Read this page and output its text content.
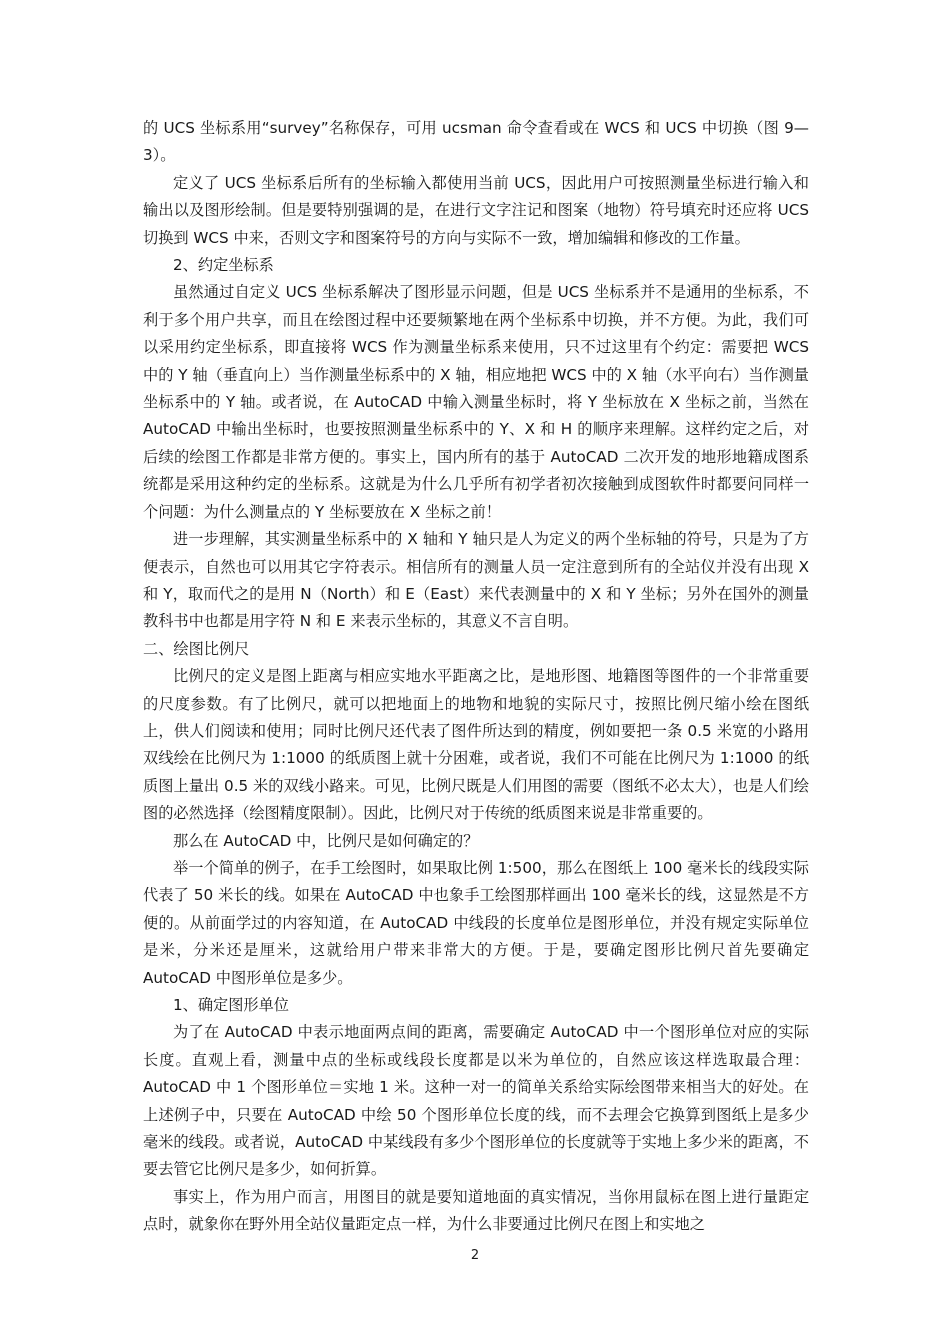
的 UCS 坐标系用“survey”名称保存，可用 ucsman 命令查看或在 WCS 和 UCS 中切换（图 9—3）。

定义了 UCS 坐标系后所有的坐标输入都使用当前 UCS，因此用户可按照测量坐标进行输入和输出以及图形绘制。但是要特别强调的是，在进行文字注记和图案（地物）符号填充时还应将 UCS 切换到 WCS 中来，否则文字和图案符号的方向与实际不一致，增加编辑和修改的工作量。

2、约定坐标系

虽然通过自定义 UCS 坐标系解决了图形显示问题，但是 UCS 坐标系并不是通用的坐标系，不利于多个用户共享，而且在绘图过程中还要频繁地在两个坐标系中切换，并不方便。为此，我们可以采用约定坐标系，即直接将 WCS 作为测量坐标系来使用，只不过这里有个约定：需要把 WCS 中的 Y 轴（垂直向上）当作测量坐标系中的 X 轴，相应地把 WCS 中的 X 轴（水平向右）当作测量坐标系中的 Y 轴。或者说，在 AutoCAD 中输入测量坐标时，将 Y 坐标放在 X 坐标之前，当然在 AutoCAD 中输出坐标时，也要按照测量坐标系中的 Y、X 和 H 的顺序来理解。这样约定之后，对后续的绘图工作都是非常方便的。事实上，国内所有的基于 AutoCAD 二次开发的地形地籍成图系统都是采用这种约定的坐标系。这就是为什么几乎所有初学者初次接触到成图软件时都要问同样一个问题：为什么测量点的 Y 坐标要放在 X 坐标之前！

进一步理解，其实测量坐标系中的 X 轴和 Y 轴只是人为定义的两个坐标轴的符号，只是为了方便表示，自然也可以用其它字符表示。相信所有的测量人员一定注意到所有的全站仪并没有出现 X 和 Y，取而代之的是用 N（North）和 E（East）来代表测量中的 X 和 Y 坐标；另外在国外的测量教科书中也都是用字符 N 和 E 来表示坐标的，其意义不言自明。

二、绘图比例尺

比例尺的定义是图上距离与相应实地水平距离之比，是地形图、地籍图等图件的一个非常重要的尺度参数。有了比例尺，就可以把地面上的地物和地貌的实际尺寸，按照比例尺缩小绘在图纸上，供人们阅读和使用；同时比例尺还代表了图件所达到的精度，例如要把一条 0.5 米宽的小路用双线绘在比例尺为 1:1000 的纸质图上就十分困难，或者说，我们不可能在比例尺为 1:1000 的纸质图上量出 0.5 米的双线小路来。可见，比例尺既是人们用图的需要（图纸不必太大），也是人们绘图的必然选择（绘图精度限制）。因此，比例尺对于传统的纸质图来说是非常重要的。

那么在 AutoCAD 中，比例尺是如何确定的？

举一个简单的例子，在手工绘图时，如果取比例 1:500，那么在图纸上 100 毫米长的线段实际代表了 50 米长的线。如果在 AutoCAD 中也象手工绘图那样画出 100 毫米长的线，这显然是不方便的。从前面学过的内容知道，在 AutoCAD 中线段的长度单位是图形单位，并没有规定实际单位是米，分米还是厘米，这就给用户带来非常大的方便。于是，要确定图形比例尺首先要确定 AutoCAD 中图形单位是多少。

1、确定图形单位

为了在 AutoCAD 中表示地面两点间的距离，需要确定 AutoCAD 中一个图形单位对应的实际长度。直观上看，测量中点的坐标或线段长度都是以米为单位的，自然应该这样选取最合理：AutoCAD 中 1 个图形单位＝实地 1 米。这种一对一的简单关系给实际绘图带来相当大的好处。在上述例子中，只要在 AutoCAD 中绘 50 个图形单位长度的线，而不去理会它换算到图纸上是多少毫米的线段。或者说，AutoCAD 中某线段有多少个图形单位的长度就等于实地上多少米的距离，不要去管它比例尺是多少，如何折算。

事实上，作为用户而言，用图目的就是要知道地面的真实情况，当你用鼠标在图上进行量距定点时，就象你在野外用全站仪量距定点一样，为什么非要通过比例尺在图上和实地之

2
